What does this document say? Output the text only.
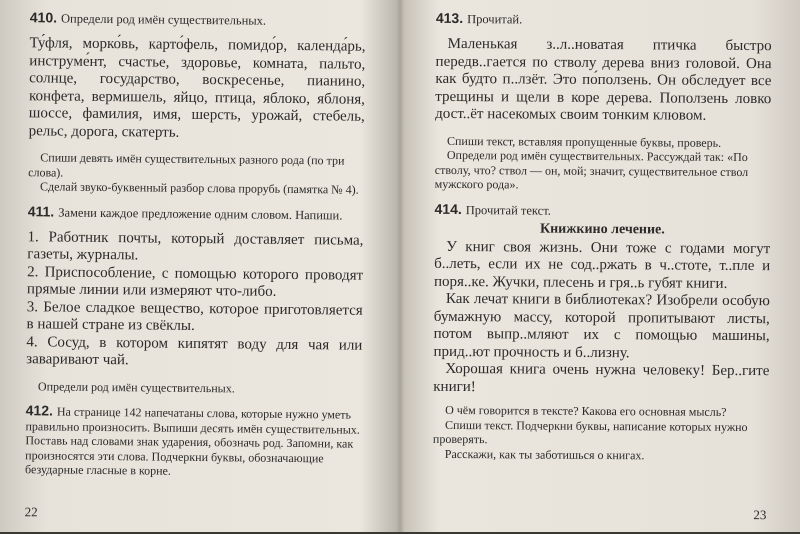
410. Определи род имён существительных.

Ту́фля, морко́вь, карто́фель, помидо́р, календа́рь, инструме́нт, счастье, здоровье, комната, пальто, солнце, государство, воскресенье, пианино, конфета, вермишель, яйцо, птица, яблоко, яблоня, шоссе, фамилия, имя, шерсть, урожай, стебель, рельс, дорога, скатерть.

Спиши девять имён существительных разного рода (по три слова).

Сделай звуко-буквенный разбор слова прорубь (памятка № 4).

411. Замени каждое предложение одним словом. Напиши.

1. Работник почты, который доставляет письма, газеты, журналы.

2. Приспособление, с помощью которого проводят прямые линии или измеряют что-либо.

3. Белое сладкое вещество, которое приготовляется в нашей стране из свёклы.

4. Сосуд, в котором кипятят воду для чая или заваривают чай.

Определи род имён существительных.

412. На странице 142 напечатаны слова, которые нужно уметь правильно произносить. Выпиши десять имён существительных. Поставь над словами знак ударения, обозначь род. Запомни, как произносятся эти слова. Подчеркни буквы, обозначающие безударные гласные в корне.

22

413. Прочитай.

Маленькая з..л..новатая птичка быстро передв..гается по стволу дерева вниз головой. Она как будто п..лзёт. Это по́ползень. Он обследует все трещины и щели в коре дерева. Поползень ловко дост..ёт насекомых своим тонким клювом.

Спиши текст, вставляя пропущенные буквы, проверь.

Определи род имён существительных. Рассуждай так: «По стволу, что? ствол — он, мой; значит, существительное ствол мужского рода».

414. Прочитай текст.

Книжкино лечение.

У книг своя жизнь. Они тоже с годами могут б..леть, если их не сод..ржать в ч..стоте, т..пле и поря..ке. Жучки, плесень и гря..ь губят книги.

Как лечат книги в библиотеках? Изобрели особую бумажную массу, которой пропитывают листы, потом выпр..мляют их с помощью машины, прид..ют прочность и б..лизну.

Хорошая книга очень нужна человеку! Бер..гите книги!

О чём говорится в тексте? Какова его основная мысль?

Спиши текст. Подчеркни буквы, написание которых нужно проверять.

Расскажи, как ты заботишься о книгах.

23
